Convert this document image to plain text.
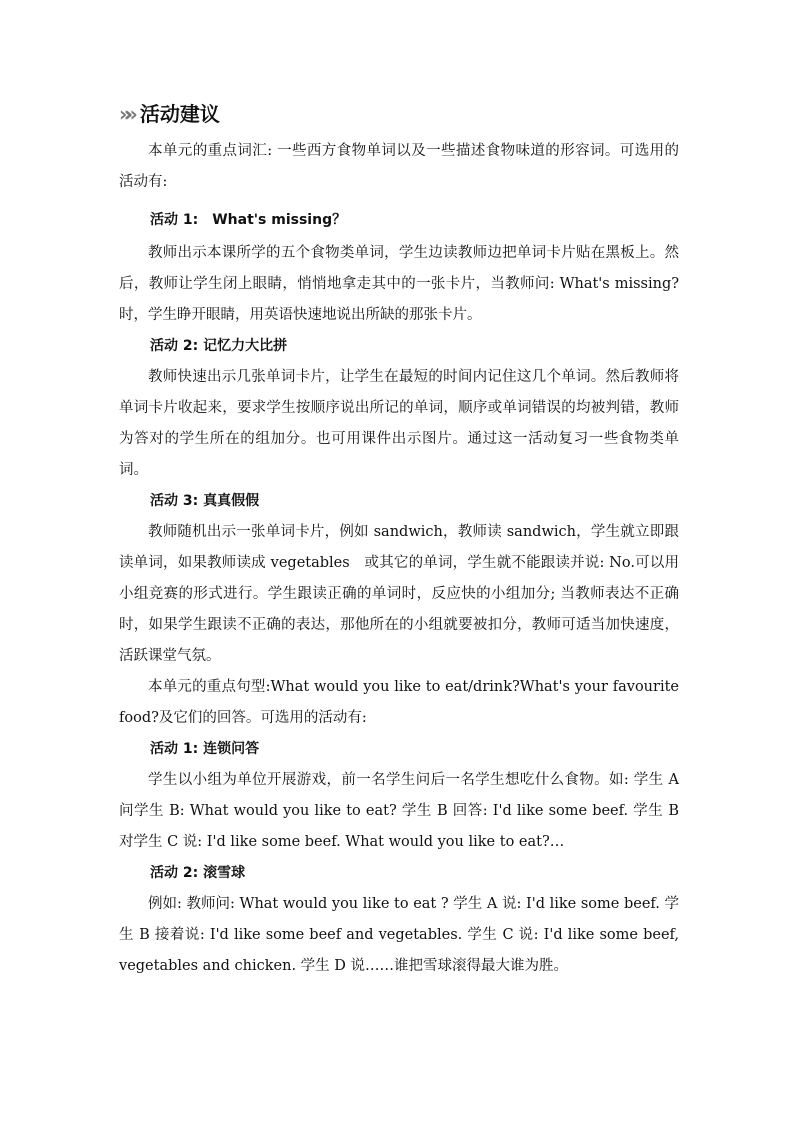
»» 活动建议

本单元的重点词汇: 一些西方食物单词以及一些描述食物味道的形容词。可选用的活动有:

活动 1:　What's missing？

教师出示本课所学的五个食物类单词，学生边读教师边把单词卡片贴在黑板上。然后，教师让学生闭上眼睛，悄悄地拿走其中的一张卡片，当教师问: What's missing? 时，学生睁开眼睛，用英语快速地说出所缺的那张卡片。

活动 2: 记忆力大比拼

教师快速出示几张单词卡片，让学生在最短的时间内记住这几个单词。然后教师将单词卡片收起来，要求学生按顺序说出所记的单词，顺序或单词错误的均被判错，教师为答对的学生所在的组加分。也可用课件出示图片。通过这一活动复习一些食物类单词。

活动 3: 真真假假

教师随机出示一张单词卡片，例如 sandwich，教师读 sandwich，学生就立即跟读单词，如果教师读成 vegetables　或其它的单词，学生就不能跟读并说: No.可以用小组竞赛的形式进行。学生跟读正确的单词时，反应快的小组加分; 当教师表达不正确时，如果学生跟读不正确的表达，那他所在的小组就要被扣分，教师可适当加快速度，活跃课堂气氛。

本单元的重点句型:What would you like to eat/drink?What's your favourite food?及它们的回答。可选用的活动有:

活动 1: 连锁问答

学生以小组为单位开展游戏，前一名学生问后一名学生想吃什么食物。如: 学生 A 问学生 B: What would you like to eat? 学生 B 回答: I'd like some beef. 学生 B 对学生 C 说: I'd like some beef. What would you like to eat?…

活动 2: 滚雪球

例如: 教师问: What would you like to eat ? 学生 A 说: I'd like some beef. 学生 B 接着说: I'd like some beef and vegetables. 学生 C 说: I'd like some beef, vegetables and chicken. 学生 D 说……谁把雪球滚得最大谁为胜。
